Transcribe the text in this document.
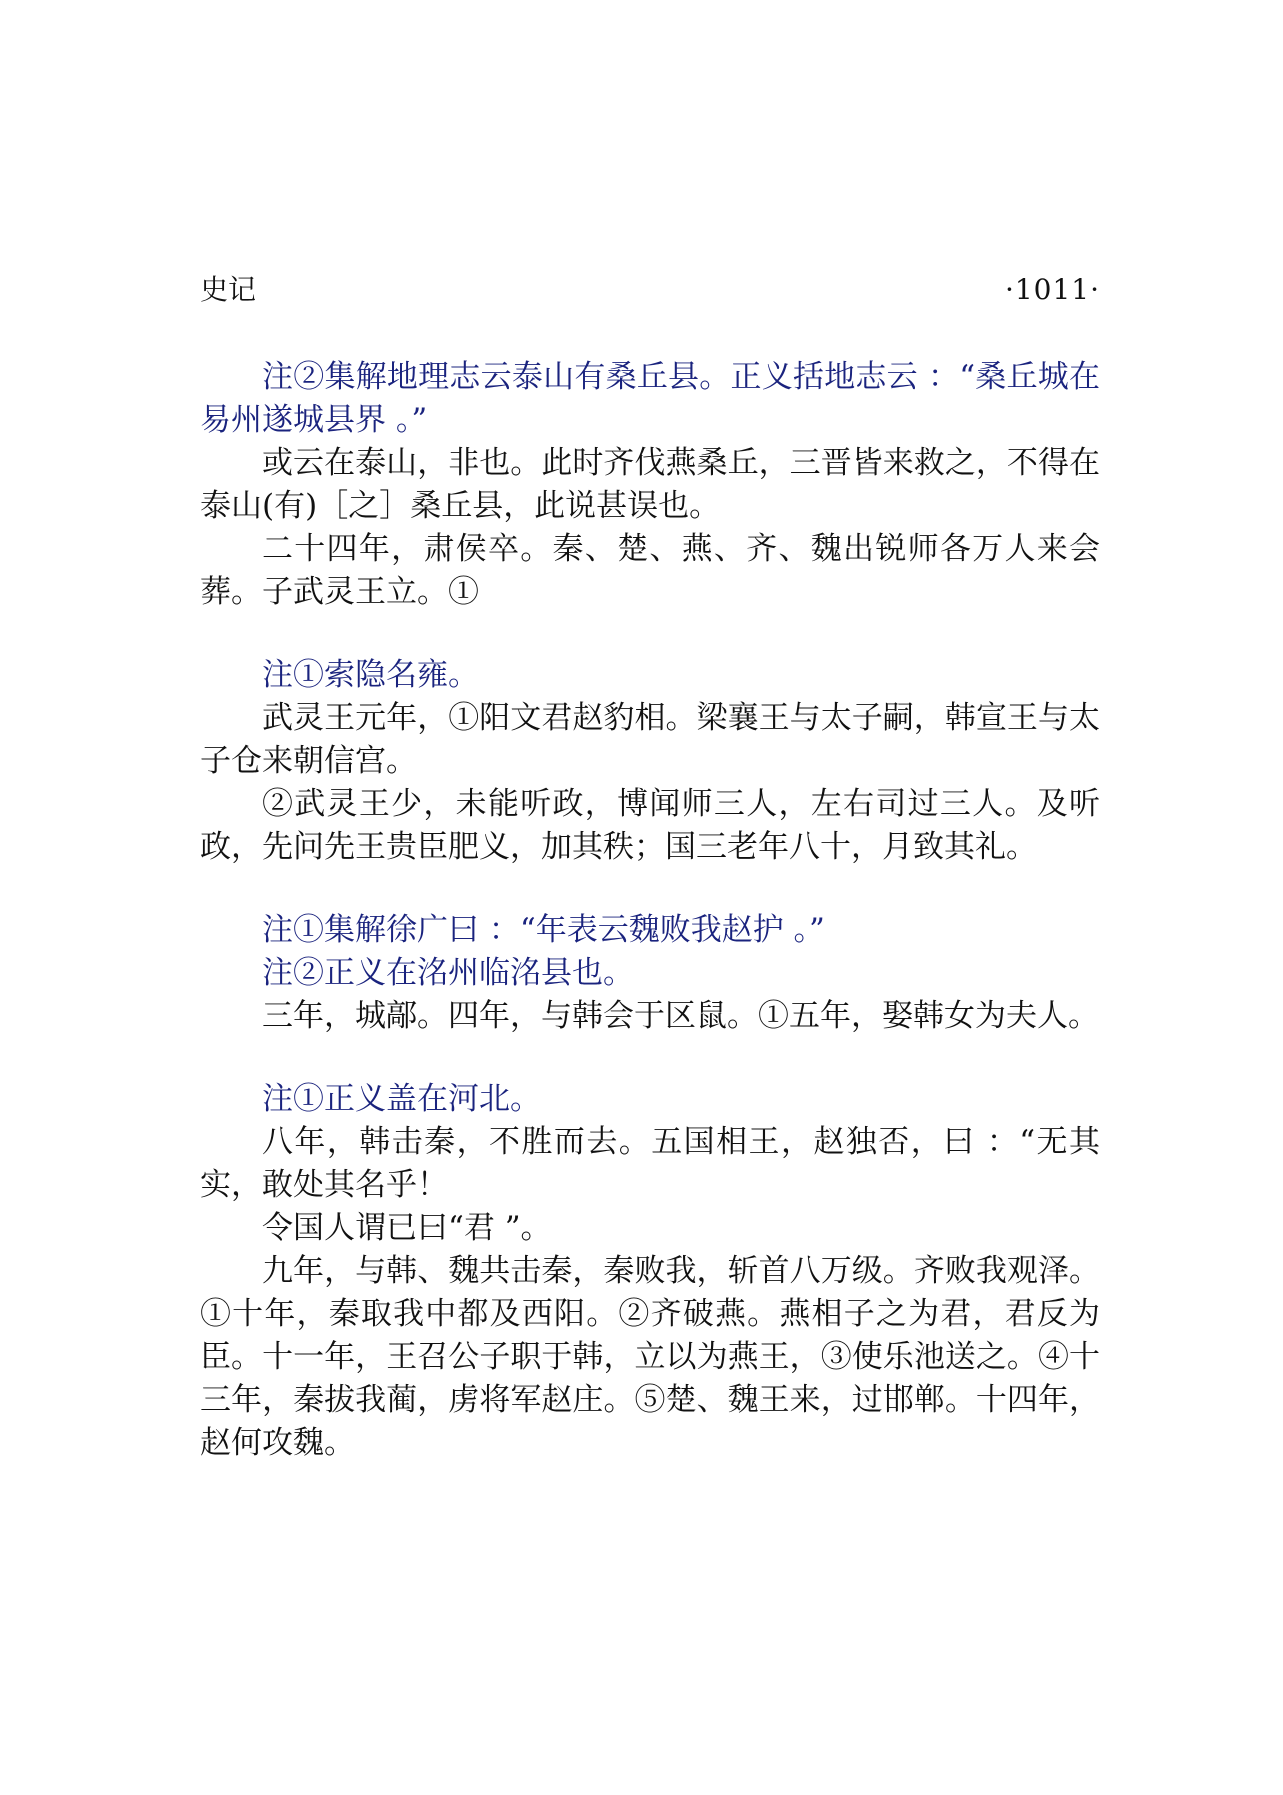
史记	·1011·

注②集解地理志云泰山有桑丘县。正义括地志云 ：“桑丘城在易州遂城县界 。”

或云在泰山，非也。此时齐伐燕桑丘，三晋皆来救之，不得在泰山(有)［之］桑丘县，此说甚误也。

二十四年，肃侯卒。秦、楚、燕、齐、魏出锐师各万人来会葬。子武灵王立。①

注①索隐名雍。

武灵王元年，①阳文君赵豹相。梁襄王与太子嗣，韩宣王与太子仓来朝信宫。

②武灵王少，未能听政，博闻师三人，左右司过三人。及听政，先问先王贵臣肥义，加其秩；国三老年八十，月致其礼。

注①集解徐广曰 ：“年表云魏败我赵护 。”

注②正义在洺州临洺县也。

三年，城鄗。四年，与韩会于区鼠。①五年，娶韩女为夫人。

注①正义盖在河北。

八年，韩击秦，不胜而去。五国相王，赵独否，曰 ：“无其实，敢处其名乎！

令国人谓已曰“君 ”。

九年，与韩、魏共击秦，秦败我，斩首八万级。齐败我观泽。①十年，秦取我中都及西阳。②齐破燕。燕相子之为君，君反为臣。十一年，王召公子职于韩，立以为燕王，③使乐池送之。④十三年，秦拔我蔺，虏将军赵庄。⑤楚、魏王来，过邯郸。十四年，赵何攻魏。
